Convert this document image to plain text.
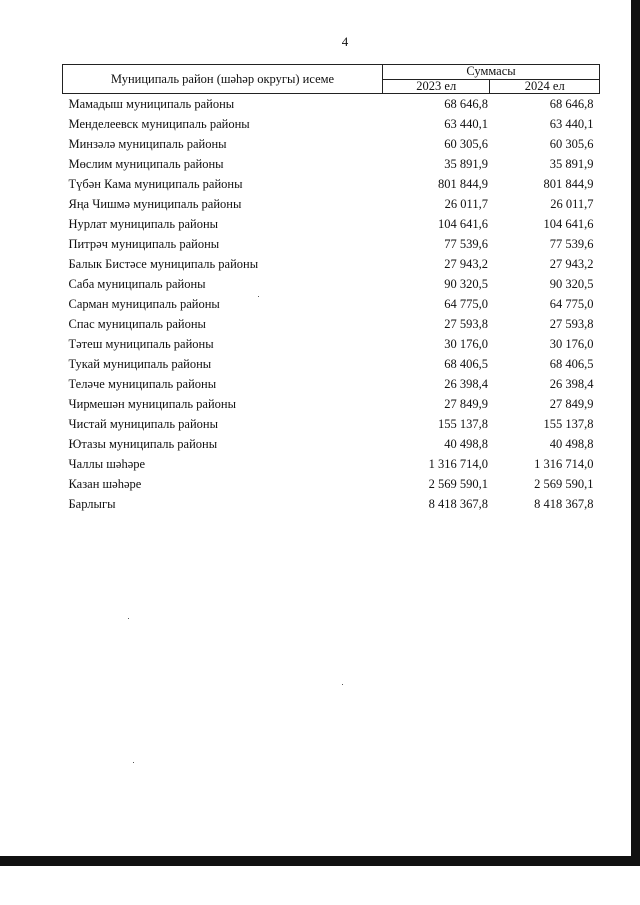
4
Муниципаль район (шәһәр округы) исеме	Суммасы	
	2023 ел	2024 ел
Мамадыш муниципаль районы	68 646,8	68 646,8
Менделеевск муниципаль районы	63 440,1	63 440,1
Минзәлә муниципаль районы	60 305,6	60 305,6
Мөслим муниципаль районы	35 891,9	35 891,9
Түбән Кама муниципаль районы	801 844,9	801 844,9
Яңа Чишмә муниципаль районы	26 011,7	26 011,7
Нурлат муниципаль районы	104 641,6	104 641,6
Питрәч муниципаль районы	77 539,6	77 539,6
Балык Бистәсе муниципаль районы	27 943,2	27 943,2
Саба муниципаль районы	90 320,5	90 320,5
Сарман муниципаль районы	64 775,0	64 775,0
Спас муниципаль районы	27 593,8	27 593,8
Тәтеш муниципаль районы	30 176,0	30 176,0
Тукай муниципаль районы	68 406,5	68 406,5
Теләче муниципаль районы	26 398,4	26 398,4
Чирмешән муниципаль районы	27 849,9	27 849,9
Чистай муниципаль районы	155 137,8	155 137,8
Ютазы муниципаль районы	40 498,8	40 498,8
Чаллы шәһәре	1 316 714,0	1 316 714,0
Казан шәһәре	2 569 590,1	2 569 590,1
Барлыгы	8 418 367,8	8 418 367,8
